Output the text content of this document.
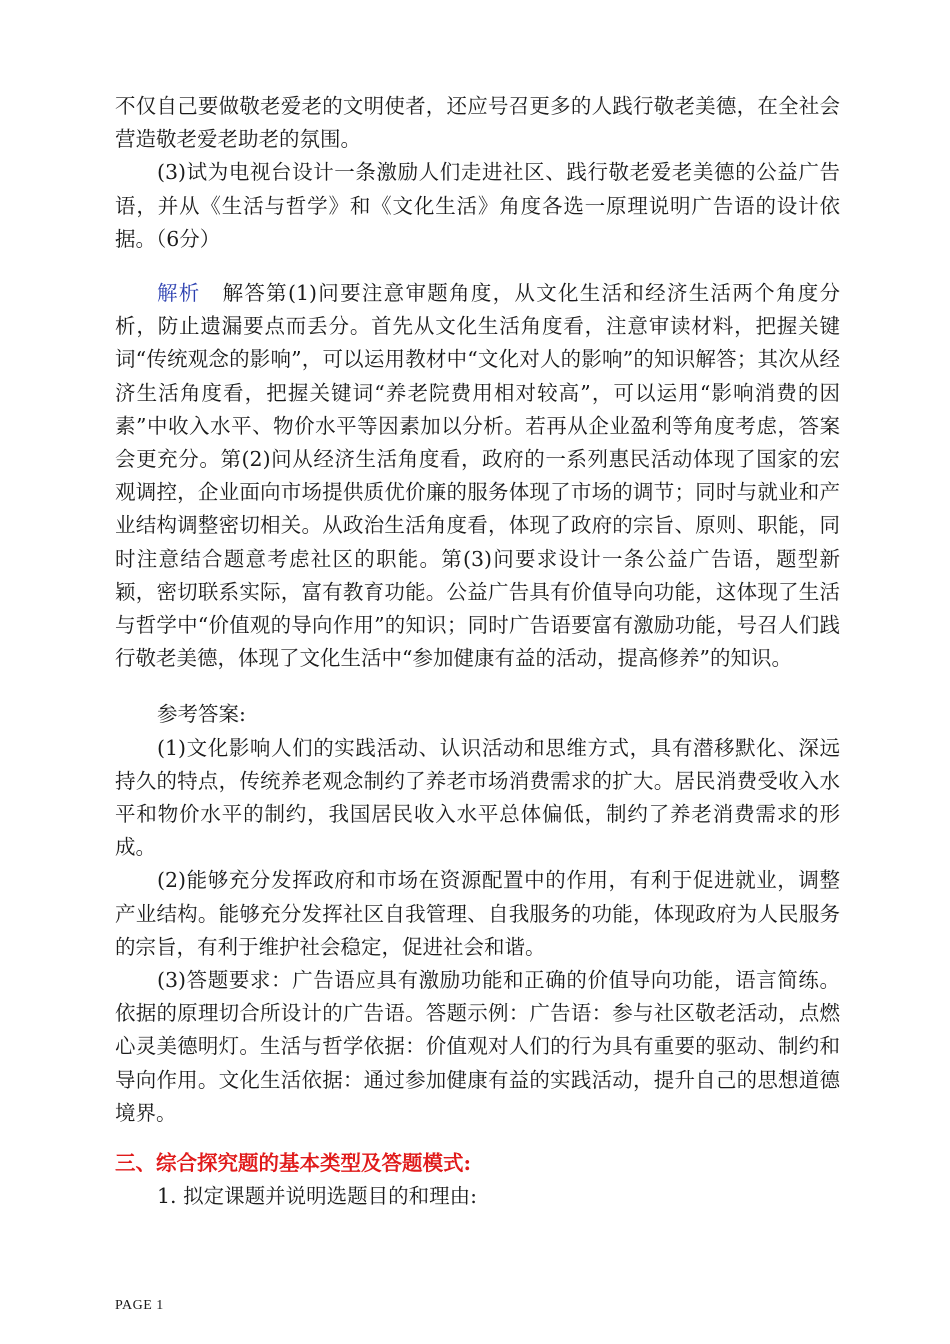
不仅自己要做敬老爱老的文明使者，还应号召更多的人践行敬老美德，在全社会营造敬老爱老助老的氛围。

(3)试为电视台设计一条激励人们走进社区、践行敬老爱老美德的公益广告语，并从《生活与哲学》和《文化生活》角度各选一原理说明广告语的设计依据。（6分）

解析 解答第(1)问要注意审题角度，从文化生活和经济生活两个角度分析，防止遗漏要点而丢分。首先从文化生活角度看，注意审读材料，把握关键词“传统观念的影响”，可以运用教材中“文化对人的影响”的知识解答；其次从经济生活角度看，把握关键词“养老院费用相对较高”，可以运用“影响消费的因素”中收入水平、物价水平等因素加以分析。若再从企业盈利等角度考虑，答案会更充分。第(2)问从经济生活角度看，政府的一系列惠民活动体现了国家的宏观调控，企业面向市场提供质优价廉的服务体现了市场的调节；同时与就业和产业结构调整密切相关。从政治生活角度看，体现了政府的宗旨、原则、职能，同时注意结合题意考虑社区的职能。第(3)问要求设计一条公益广告语，题型新颖，密切联系实际，富有教育功能。公益广告具有价值导向功能，这体现了生活与哲学中“价值观的导向作用”的知识；同时广告语要富有激励功能，号召人们践行敬老美德，体现了文化生活中“参加健康有益的活动，提高修养”的知识。

参考答案:

(1)文化影响人们的实践活动、认识活动和思维方式，具有潜移默化、深远持久的特点，传统养老观念制约了养老市场消费需求的扩大。居民消费受收入水平和物价水平的制约，我国居民收入水平总体偏低，制约了养老消费需求的形成。

(2)能够充分发挥政府和市场在资源配置中的作用，有利于促进就业，调整产业结构。能够充分发挥社区自我管理、自我服务的功能，体现政府为人民服务的宗旨，有利于维护社会稳定，促进社会和谐。

(3)答题要求：广告语应具有激励功能和正确的价值导向功能，语言简练。依据的原理切合所设计的广告语。答题示例：广告语：参与社区敬老活动，点燃心灵美德明灯。生活与哲学依据：价值观对人们的行为具有重要的驱动、制约和导向作用。文化生活依据：通过参加健康有益的实践活动，提升自己的思想道德境界。

三、综合探究题的基本类型及答题模式:

1. 拟定课题并说明选题目的和理由:

PAGE 1
